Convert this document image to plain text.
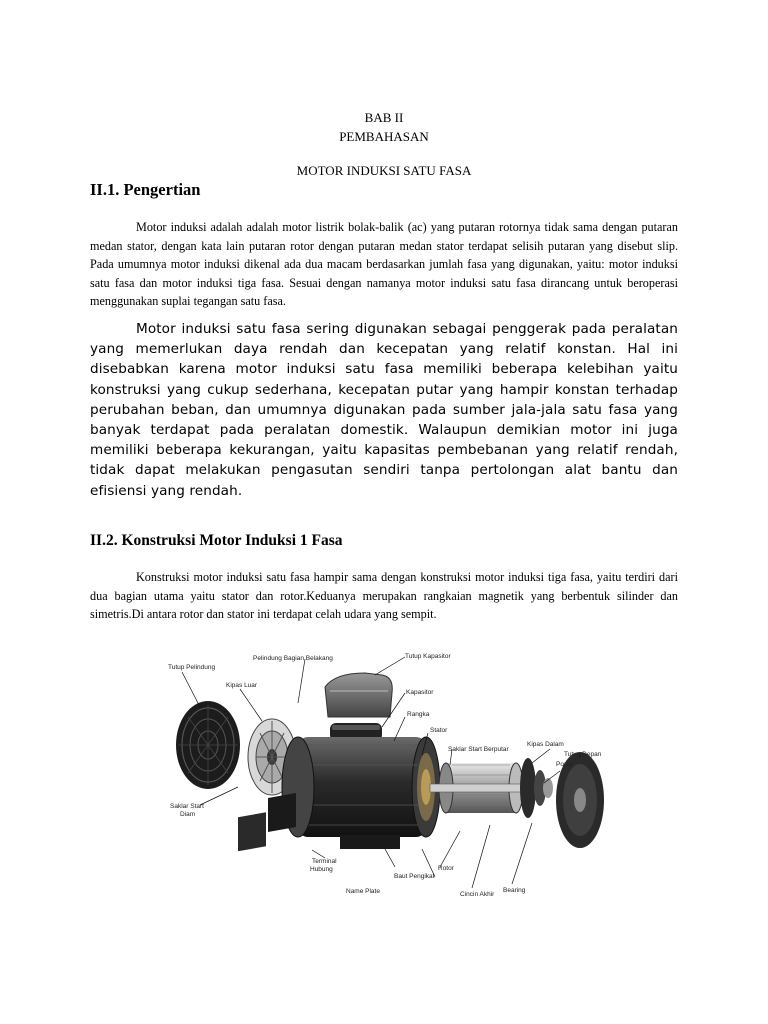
BAB II
PEMBAHASAN
MOTOR INDUKSI SATU FASA
II.1. Pengertian
Motor induksi adalah adalah motor listrik bolak-balik (ac) yang putaran rotornya tidak sama dengan putaran medan stator, dengan kata lain putaran rotor dengan putaran medan stator terdapat selisih putaran yang disebut slip. Pada umumnya motor induksi dikenal ada dua macam berdasarkan jumlah fasa yang digunakan, yaitu: motor induksi satu fasa dan motor induksi tiga fasa. Sesuai dengan namanya motor induksi satu fasa dirancang untuk beroperasi menggunakan suplai tegangan satu fasa.
Motor induksi satu fasa sering digunakan sebagai penggerak pada peralatan yang memerlukan daya rendah dan kecepatan yang relatif konstan. Hal ini disebabkan karena motor induksi satu fasa memiliki beberapa kelebihan yaitu konstruksi yang cukup sederhana, kecepatan putar yang hampir konstan terhadap perubahan beban, dan umumnya digunakan pada sumber jala-jala satu fasa yang banyak terdapat pada peralatan domestik. Walaupun demikian motor ini juga memiliki beberapa kekurangan, yaitu kapasitas pembebanan yang relatif rendah, tidak dapat melakukan pengasutan sendiri tanpa pertolongan alat bantu dan efisiensi yang rendah.
II.2. Konstruksi Motor Induksi 1 Fasa
Konstruksi motor induksi satu fasa hampir sama dengan konstruksi motor induksi tiga fasa, yaitu terdiri dari dua bagian utama yaitu stator dan rotor.Keduanya merupakan rangkaian magnetik yang berbentuk silinder dan simetris.Di antara rotor dan stator ini terdapat celah udara yang sempit.
Tutup Pelindung
Pelindung Bagian Belakang	Tutup Kapasitor
Kipas Luar
Kapasitor
Rangka
Stator
Saklar Start Berputar
Kipas Dalam
Poros
Tutup Depan
Saklar Start
Diam
Terminal
Hubung	Rotor
Baut Pengikat
Name Plate	Cincin Akhir
Bearing
